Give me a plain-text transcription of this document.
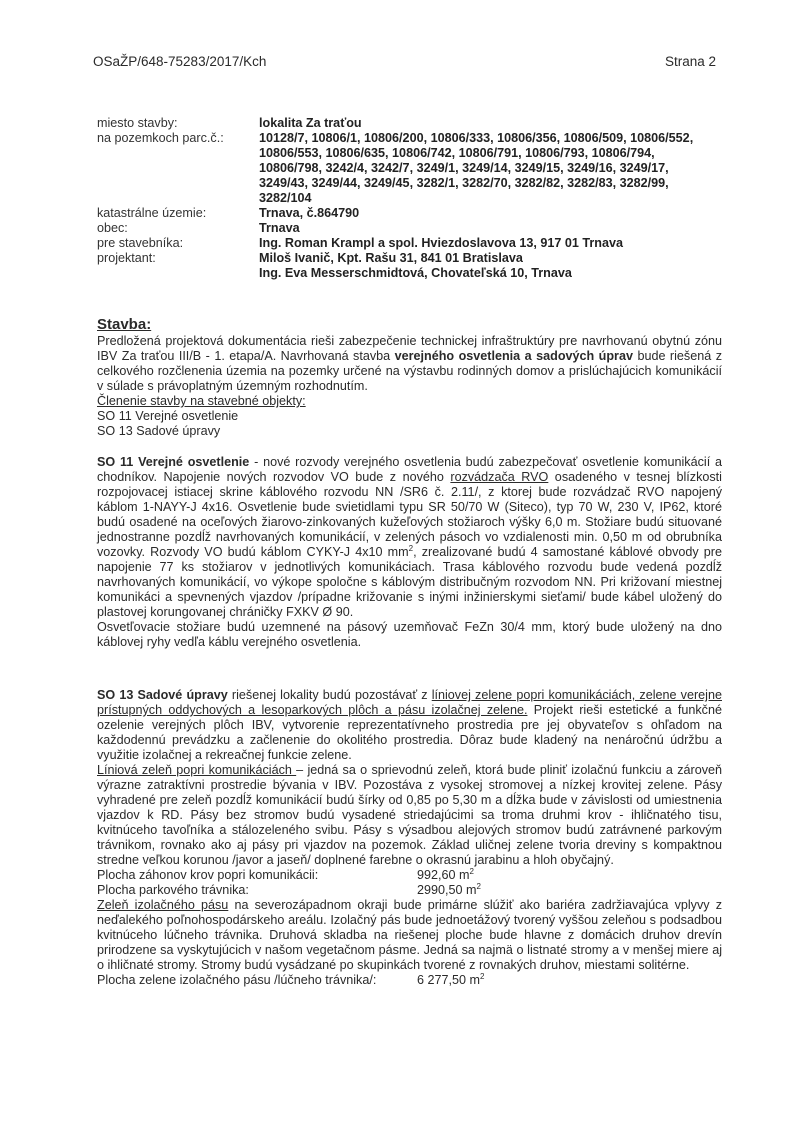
OSaŽP/648-75283/2017/Kch	Strana 2
miesto stavby:	lokalita Za traťou
na pozemkoch parc.č.:	10128/7, 10806/1, 10806/200, 10806/333, 10806/356, 10806/509, 10806/552,
10806/553, 10806/635, 10806/742, 10806/791, 10806/793, 10806/794,
10806/798, 3242/4, 3242/7, 3249/1, 3249/14, 3249/15, 3249/16, 3249/17,
3249/43, 3249/44, 3249/45, 3282/1, 3282/70, 3282/82, 3282/83, 3282/99,
3282/104
katastrálne územie:	Trnava, č.864790
obec:	Trnava
pre stavebníka:	Ing. Roman Krampl a spol. Hviezdoslavova 13, 917 01 Trnava
projektant:	Miloš Ivanič, Kpt. Rašu 31, 841 01 Bratislava
Ing. Eva Messerschmidtová, Chovateľská 10, Trnava
Stavba:

Predložená projektová dokumentácia rieši zabezpečenie technickej infraštruktúry pre navrhovanú obytnú zónu IBV Za traťou III/B - 1. etapa/A. Navrhovaná stavba verejného osvetlenia a sadových úprav bude riešená z celkového rozčlenenia územia na pozemky určené na výstavbu rodinných domov a prislúchajúcich komunikácií v súlade s právoplatným územným rozhodnutím.

Členenie stavby na stavebné objekty:
SO 11 Verejné osvetlenie
SO 13 Sadové úpravy

SO 11 Verejné osvetlenie - nové rozvody verejného osvetlenia budú zabezpečovať osvetlenie komunikácií a chodníkov. Napojenie nových rozvodov VO bude z nového rozvádzača RVO osadeného v tesnej blízkosti rozpojovacej istiacej skrine káblového rozvodu NN /SR6 č. 2.11/, z ktorej bude rozvádzač RVO napojený káblom 1-NAYY-J 4x16. Osvetlenie bude svietidlami typu SR 50/70 W (Siteco), typ 70 W, 230 V, IP62, ktoré budú osadené na oceľových žiarovo-zinkovaných kužeľových stožiaroch výšky 6,0 m. Stožiare budú situované jednostranne pozdĺž navrhovaných komunikácií, v zelených pásoch vo vzdialenosti min. 0,50 m od obrubníka vozovky. Rozvody VO budú káblom CYKY-J 4x10 $mm^2$, zrealizované budú 4 samostané káblové obvody pre napojenie 77 ks stožiarov v jednotlivých komunikáciach. Trasa káblového rozvodu bude vedená pozdĺž navrhovaných komunikácií, vo výkope spoločne s káblovým distribučným rozvodom NN. Pri križovaní miestnej komunikáci a spevnených vjazdov /prípadne križovanie s inými inžinierskymi sieťami/ bude kábel uložený do plastovej korungovanej chráničky FXKV Ø 90.

Osvetľovacie stožiare budú uzemnené na pásový uzemňovač FeZn 30/4 mm, ktorý bude uložený na dno káblovej ryhy vedľa káblu verejného osvetlenia.

SO 13 Sadové úpravy riešenej lokality budú pozostávať z líniovej zelene popri komunikáciách, zelene verejne prístupných oddychových a lesoparkových plôch a pásu izolačnej zelene. Projekt rieši estetické a funkčné ozelenie verejných plôch IBV, vytvorenie reprezentatívneho prostredia pre jej obyvateľov s ohľadom na každodennú prevádzku a začlenenie do okolitého prostredia. Dôraz bude kladený na nenáročnú údržbu a využitie izolačnej a rekreačnej funkcie zelene.

Líniová zeleň popri komunikáciách – jedná sa o sprievodnú zeleň, ktorá bude pliniť izolačnú funkciu a zároveň výrazne zatraktívni prostredie bývania v IBV. Pozostáva z vysokej stromovej a nízkej krovitej zelene. Pásy vyhradené pre zeleň pozdĺž komunikácií budú šírky od 0,85 po 5,30 m a dĺžka bude v závislosti od umiestnenia vjazdov k RD. Pásy bez stromov budú vysadené striedajúcimi sa troma druhmi krov - ihličnatého tisu, kvitnúceho tavoľníka a stálozeleného svibu. Pásy s výsadbou alejových stromov budú zatrávnené parkovým trávnikom, rovnako ako aj pásy pri vjazdov na pozemok. Základ uličnej zelene tvoria dreviny s kompaktnou stredne veľkou korunou /javor a jaseň/ doplnené farebne o okrasnú jarabinu a hloh obyčajný.

Plocha záhonov krov popri komunikácii:	992,60 $m^2$
Plocha parkového trávnika:	2990,50 $m^2$

Zeleň izolačného pásu na severozápadnom okraji bude primárne slúžiť ako bariéra zadržiavajúca vplyvy z neďalekého poľnohospodárskeho areálu. Izolačný pás bude jednoetážový tvorený vyššou zeleňou s podsadbou kvitnúceho lúčneho trávnika. Druhová skladba na riešenej ploche bude hlavne z domácich druhov drevín prirodzene sa vyskytujúcich v našom vegetačnom pásme. Jedná sa najmä o listnaté stromy a v menšej miere aj o ihličnaté stromy. Stromy budú vysádzané po skupinkách tvorené z rovnakých druhov, miestami solitérne.

Plocha zelene izolačného pásu /lúčneho trávnika/:	6 277,50 $m^2$
